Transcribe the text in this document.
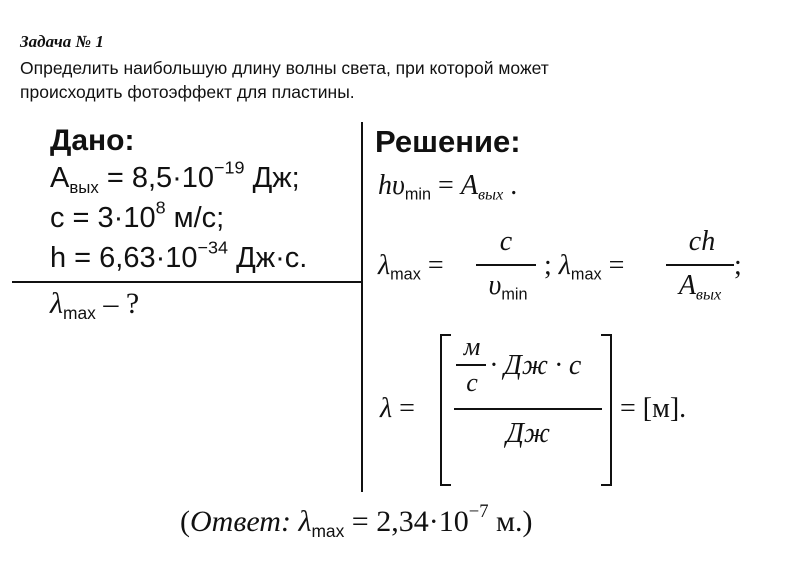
Задача № 1
Определить наибольшую длину волны света, при которой может
происходить фотоэффект для пластины.
Дано:
$A_{вых} = 8,5\cdot 10^{-19}$ Дж;
$c = 3\cdot 10^8$ м/с;
$h = 6,63\cdot 10^{-34}$ Дж·с.
$\lambda_{max}$ – ?
Решение:
$h\upsilon_{min} = A_{вых}$ .
$\lambda_{max}$ =
c
$\upsilon_{min}$
; $\lambda_{max}$ =
ch
$A_{вых}$
;
λ =
м
c
· Дж · c
Дж
= [м].
(Ответ: $\lambda_{max} = 2,34\cdot 10^{-7}$ м.)
